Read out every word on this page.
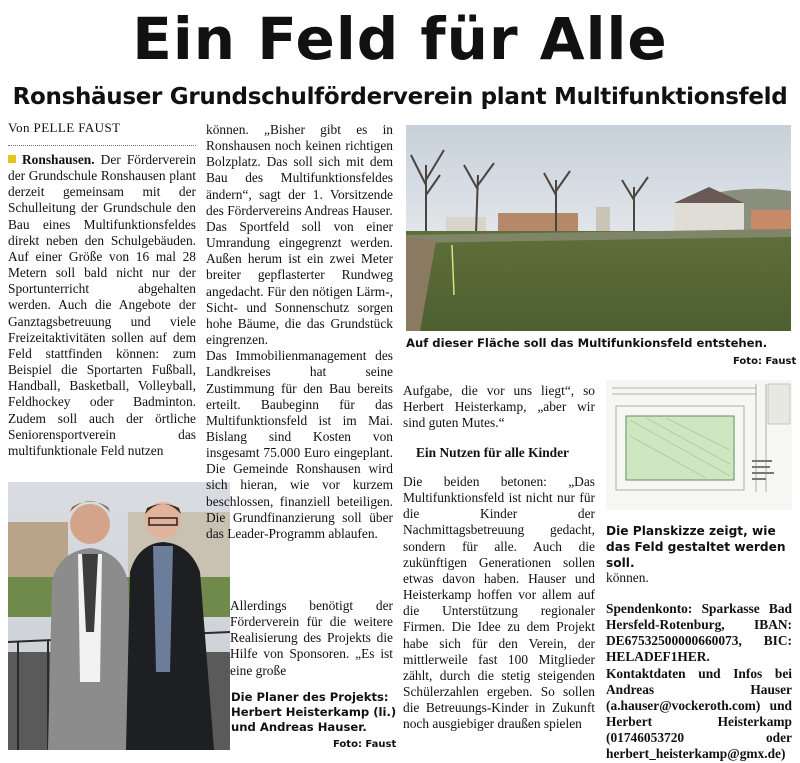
Ein Feld für Alle
Ronshäuser Grundschulförderverein plant Multifunktionsfeld
Von PELLE FAUST

Ronshausen. Der Förderverein der Grundschule Ronshausen plant derzeit gemeinsam mit der Schulleitung der Grundschule den Bau eines Multifunktionsfeldes direkt neben den Schulgebäuden. Auf einer Größe von 16 mal 28 Metern soll bald nicht nur der Sportunterricht abgehalten werden. Auch die Angebote der Ganztagsbetreuung und viele Freizeitaktivitäten sollen auf dem Feld stattfinden können: zum Beispiel die Sportarten Fußball, Handball, Basketball, Volleyball, Feldhockey oder Badminton. Zudem soll auch der örtliche Seniorensportverein das multifunktionale Feld nutzen

Die Planer des Projekts: Herbert Heisterkamp (li.) und Andreas Hauser.
Foto: Faust

können. „Bisher gibt es in Ronshausen noch keinen richtigen Bolzplatz. Das soll sich mit dem Bau des Multifunktionsfeldes ändern“, sagt der 1. Vorsitzende des Fördervereins Andreas Hauser.

Das Sportfeld soll von einer Umrandung eingegrenzt werden. Außen herum ist ein zwei Meter breiter gepflasterter Rundweg angedacht. Für den nötigen Lärm-, Sicht- und Sonnenschutz sorgen hohe Bäume, die das Grundstück eingrenzen.

Das Immobilienmanagement des Landkreises hat seine Zustimmung für den Bau bereits erteilt. Baubeginn für das Multifunktionsfeld ist im Mai. Bislang sind Kosten von insgesamt 75.000 Euro eingeplant. Die Gemeinde Ronshausen wird sich hieran, wie vor kurzem beschlossen, finanziell beteiligen. Die Grundfinanzierung soll über das Leader-Programm ablaufen.

Allerdings benötigt der Förderverein für die weitere Realisierung des Projekts die Hilfe von Sponsoren. „Es ist eine große

Auf dieser Fläche soll das Multifunkionsfeld entstehen.
Foto: Faust

Aufgabe, die vor uns liegt“, so Herbert Heisterkamp, „aber wir sind guten Mutes.“

Ein Nutzen für alle Kinder

Die beiden betonen: „Das Multifunktionsfeld ist nicht nur für die Kinder der Nachmittagsbetreuung gedacht, sondern für alle. Auch die zukünftigen Generationen sollen etwas davon haben. Hauser und Heisterkamp hoffen vor allem auf die Unterstützung regionaler Firmen. Die Idee zu dem Projekt habe sich für den Verein, der mittlerweile fast 100 Mitglieder zählt, durch die stetig steigenden Schülerzahlen ergeben. So sollen die Betreuungs-Kinder in Zukunft noch ausgiebiger draußen spielen

Die Planskizze zeigt, wie das Feld gestaltet werden soll.

können.

Spendenkonto: Sparkasse Bad Hersfeld-Rotenburg, IBAN: DE67532500000660073, BIC: HELADEF1HER. Kontaktdaten und Infos bei Andreas Hauser (a.hauser@vockeroth.com) und Herbert Heisterkamp (01746053720 oder herbert_heisterkamp@gmx.de)
